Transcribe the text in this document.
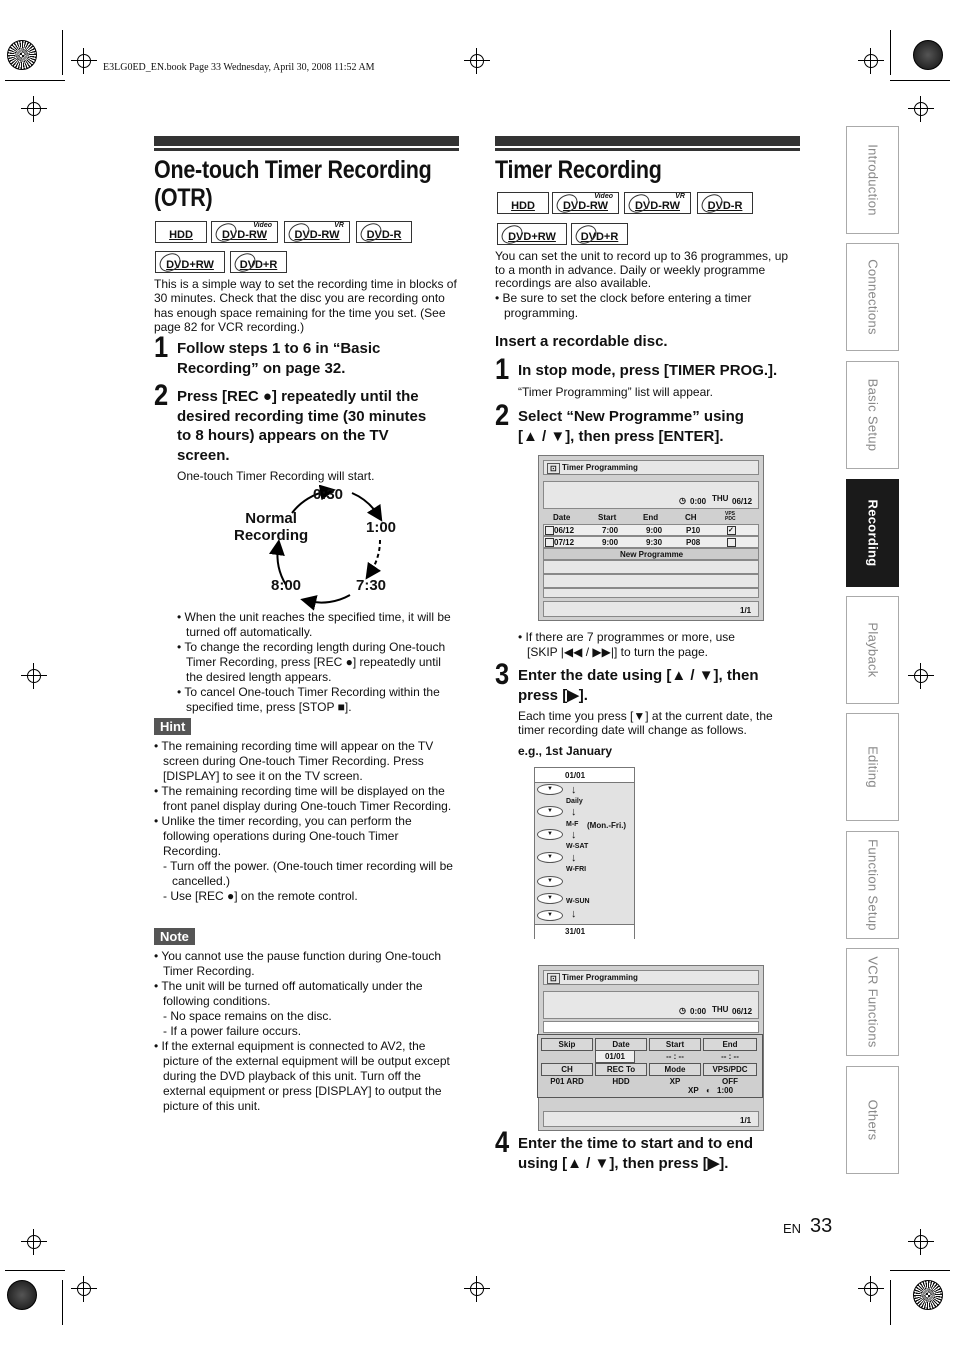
E3LG0ED_EN.book Page 33 Wednesday, April 30, 2008 11:52 AM
One-touch Timer Recording
(OTR)
HDD
Video
DVD-RW
VR
DVD-RW DVD-R
DVD+RW DVD+R
This is a simple way to set the recording time in blocks of 30 minutes. Check that the disc you are recording onto has enough space remaining for the time you set. (See page 82 for VCR recording.)
1 Follow steps 1 to 6 in “Basic
Recording” on page 32.
2 Press [REC ●] repeatedly until the
desired recording time (30 minutes
to 8 hours) appears on the TV
screen.
One-touch Timer Recording will start.
Normal
Recording
0:30
1:00
7:30
8:00
• When the unit reaches the specified time, it will be turned off automatically.
• To change the recording length during One-touch Timer Recording, press [REC ●] repeatedly until the desired length appears.
• To cancel One-touch Timer Recording within the specified time, press [STOP ■].
Hint
• The remaining recording time will appear on the TV screen during One-touch Timer Recording. Press [DISPLAY] to see it on the TV screen.
• The remaining recording time will be displayed on the front panel display during One-touch Timer Recording.
• Unlike the timer recording, you can perform the following operations during One-touch Timer Recording.
- Turn off the power. (One-touch timer recording will be cancelled.)
- Use [REC ●] on the remote control.
Note
• You cannot use the pause function during One-touch Timer Recording.
• The unit will be turned off automatically under the following conditions.
- No space remains on the disc.
- If a power failure occurs.
• If the external equipment is connected to AV2, the picture of the external equipment will be output except during the DVD playback of this unit. Turn off the external equipment or press [DISPLAY] to output the picture of this unit.
Timer Recording
HDD
Video
DVD-RW
VR
DVD-RW	DVD-R
DVD+RW DVD+R
You can set the unit to record up to 36 programmes, up to a month in advance. Daily or weekly programme recordings are also available.
• Be sure to set the clock before entering a timer programming.
Insert a recordable disc.
1 In stop mode, press [TIMER PROG.].
“Timer Programming” list will appear.
2 Select “New Programme” using
[▲ / ▼], then press [ENTER].
⊡ Timer Programming
◷ 0:00 THU 06/12
Date	Start	End	CH	VPS PDC
06/12	7:00	9:00	P10	✓
07/12	9:00	9:30	P08
New Programme
1/1
• If there are 7 programmes or more, use [SKIP |◀◀ / ▶▶|] to turn the page.
3 Enter the date using [▲ / ▼], then
press [▶].
Each time you press [▼] at the current date, the timer recording date will change as follows.
e.g., 1st January
01/01
Daily
M-F (Mon.-Fri.)
W-SAT
W-FRI
W-SUN
31/01
↓
↓
↓
↓
↓
▼
▼
▼
▼
▼
▼
▼
⊡ Timer Programming
◷ 0:00 THU 06/12
Skip	Date	Start	End
01/01	-- : --	-- : --
CH	REC To	Mode	VPS/PDC
P01 ARD	HDD	XP	OFF
XP ◐ 1:00
1/1
4 Enter the time to start and to end
using [▲ / ▼], then press [▶].
Introduction
Connections
Basic Setup
Recording
Playback
Editing
Function Setup
VCR Functions
Others
EN 33
